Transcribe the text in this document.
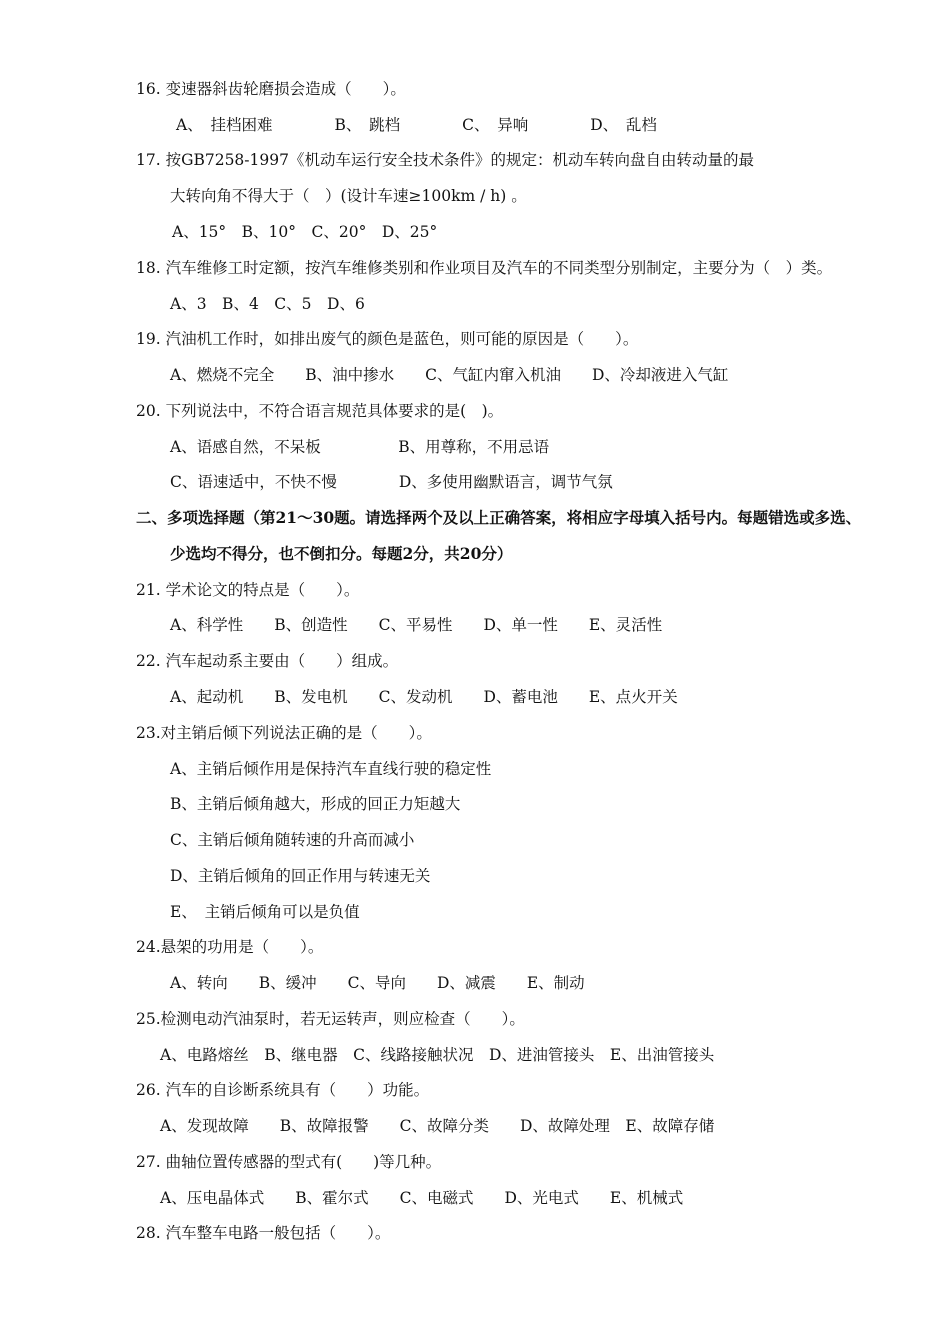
16. 变速器斜齿轮磨损会造成（　　）。
A、　挂档困难　　　　B、　跳档　　　　C、　异响　　　　D、　乱档
17. 按GB7258-1997《机动车运行安全技术条件》的规定：机动车转向盘自由转动量的最
大转向角不得大于（　）(设计车速≥100km / h) 。
A、15°　B、10°　C、20°　D、25°
18. 汽车维修工时定额，按汽车维修类别和作业项目及汽车的不同类型分别制定，主要分为（　）类。
A、3　B、4　C、5　D、6
19. 汽油机工作时，如排出废气的颜色是蓝色，则可能的原因是（　　）。
A、燃烧不完全　　B、油中掺水　　C、气缸内窜入机油　　D、冷却液进入气缸
20. 下列说法中，不符合语言规范具体要求的是(　)。
A、语感自然，不呆板　　　　　B、用尊称，不用忌语
C、语速适中，不快不慢　　　　D、多使用幽默语言，调节气氛
二、多项选择题（第21～30题。请选择两个及以上正确答案，将相应字母填入括号内。每题错选或多选、
少选均不得分，也不倒扣分。每题2分，共20分）
21. 学术论文的特点是（　　）。
A、科学性　　B、创造性　　C、平易性　　D、单一性　　E、灵活性
22. 汽车起动系主要由（　　）组成。
A、起动机　　B、发电机　　C、发动机　　D、蓄电池　　E、点火开关
23.对主销后倾下列说法正确的是（　　）。
A、主销后倾作用是保持汽车直线行驶的稳定性
B、主销后倾角越大，形成的回正力矩越大
C、主销后倾角随转速的升高而减小
D、主销后倾角的回正作用与转速无关
E、　主销后倾角可以是负值
24.悬架的功用是（　　）。
A、转向　　B、缓冲　　C、导向　　D、减震　　E、制动
25.检测电动汽油泵时，若无运转声，则应检查（　　）。
A、电路熔丝　B、继电器　C、线路接触状况　D、进油管接头　E、出油管接头
26. 汽车的自诊断系统具有（　　）功能。
A、发现故障　　B、故障报警　　C、故障分类　　D、故障处理　E、故障存储
27. 曲轴位置传感器的型式有(　　)等几种。
A、压电晶体式　　B、霍尔式　　C、电磁式　　D、光电式　　E、机械式
28. 汽车整车电路一般包括（　　）。
